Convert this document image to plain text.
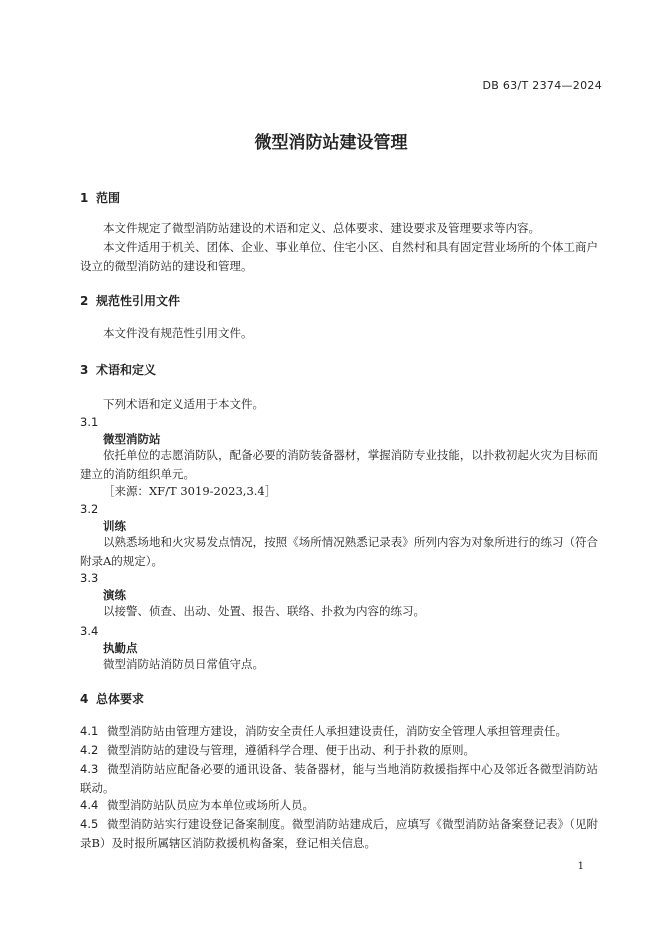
DB 63/T 2374—2024
微型消防站建设管理
1 范围
本文件规定了微型消防站建设的术语和定义、总体要求、建设要求及管理要求等内容。
本文件适用于机关、团体、企业、事业单位、住宅小区、自然村和具有固定营业场所的个体工商户设立的微型消防站的建设和管理。
2 规范性引用文件
本文件没有规范性引用文件。
3 术语和定义
下列术语和定义适用于本文件。
3.1
微型消防站
依托单位的志愿消防队，配备必要的消防装备器材，掌握消防专业技能，以扑救初起火灾为目标而建立的消防组织单元。
［来源：XF/T 3019-2023,3.4］
3.2
训练
以熟悉场地和火灾易发点情况，按照《场所情况熟悉记录表》所列内容为对象所进行的练习（符合附录A的规定）。
3.3
演练
以接警、侦查、出动、处置、报告、联络、扑救为内容的练习。
3.4
执勤点
微型消防站消防员日常值守点。
4 总体要求
4.1 微型消防站由管理方建设，消防安全责任人承担建设责任，消防安全管理人承担管理责任。
4.2 微型消防站的建设与管理，遵循科学合理、便于出动、利于扑救的原则。
4.3 微型消防站应配备必要的通讯设备、装备器材，能与当地消防救援指挥中心及邻近各微型消防站联动。
4.4 微型消防站队员应为本单位或场所人员。
4.5 微型消防站实行建设登记备案制度。微型消防站建成后，应填写《微型消防站备案登记表》（见附录B）及时报所属辖区消防救援机构备案，登记相关信息。
1
